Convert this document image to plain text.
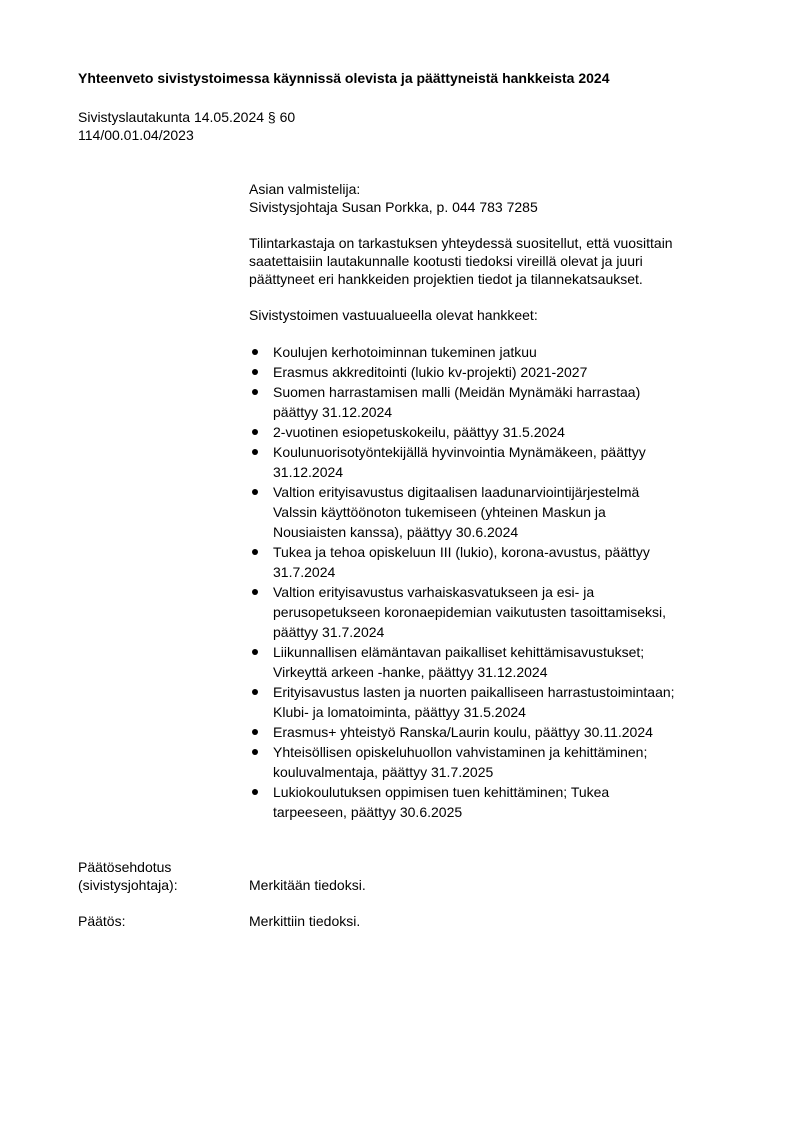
Yhteenveto sivistystoimessa käynnissä olevista ja päättyneistä hankkeista 2024
Sivistyslautakunta 14.05.2024 § 60
114/00.01.04/2023

Asian valmistelija:

Sivistysjohtaja Susan Porkka, p. 044 783 7285

Tilintarkastaja on tarkastuksen yhteydessä suositellut, että vuosittain

saatettaisiin lautakunnalle kootusti tiedoksi vireillä olevat ja juuri

päättyneet eri hankkeiden projektien tiedot ja tilannekatsaukset.

Sivistystoimen vastuualueella olevat hankkeet:

Koulujen kerhotoiminnan tukeminen jatkuu
Erasmus akkreditointi (lukio kv-projekti) 2021-2027
Suomen harrastamisen malli (Meidän Mynämäki harrastaa)
päättyy 31.12.2024
2-vuotinen esiopetuskokeilu, päättyy 31.5.2024
Koulunuorisotyöntekijällä hyvinvointia Mynämäkeen, päättyy
31.12.2024
Valtion erityisavustus digitaalisen laadunarviointijärjestelmä
Valssin käyttöönoton tukemiseen (yhteinen Maskun ja
Nousiaisten kanssa), päättyy 30.6.2024
Tukea ja tehoa opiskeluun III (lukio), korona-avustus, päättyy
31.7.2024
Valtion erityisavustus varhaiskasvatukseen ja esi- ja
perusopetukseen koronaepidemian vaikutusten tasoittamiseksi,
päättyy 31.7.2024
Liikunnallisen elämäntavan paikalliset kehittämisavustukset;
Virkeyttä arkeen -hanke, päättyy 31.12.2024
Erityisavustus lasten ja nuorten paikalliseen harrastustoimintaan;
Klubi- ja lomatoiminta, päättyy 31.5.2024
Erasmus+ yhteistyö Ranska/Laurin koulu, päättyy 30.11.2024
Yhteisöllisen opiskeluhuollon vahvistaminen ja kehittäminen;
kouluvalmentaja, päättyy 31.7.2025
Lukiokoulutuksen oppimisen tuen kehittäminen; Tukea
tarpeeseen, päättyy 30.6.2025
Päätösehdotus
(sivistysjohtaja):	Merkitään tiedoksi.
Päätös:	Merkittiin tiedoksi.
